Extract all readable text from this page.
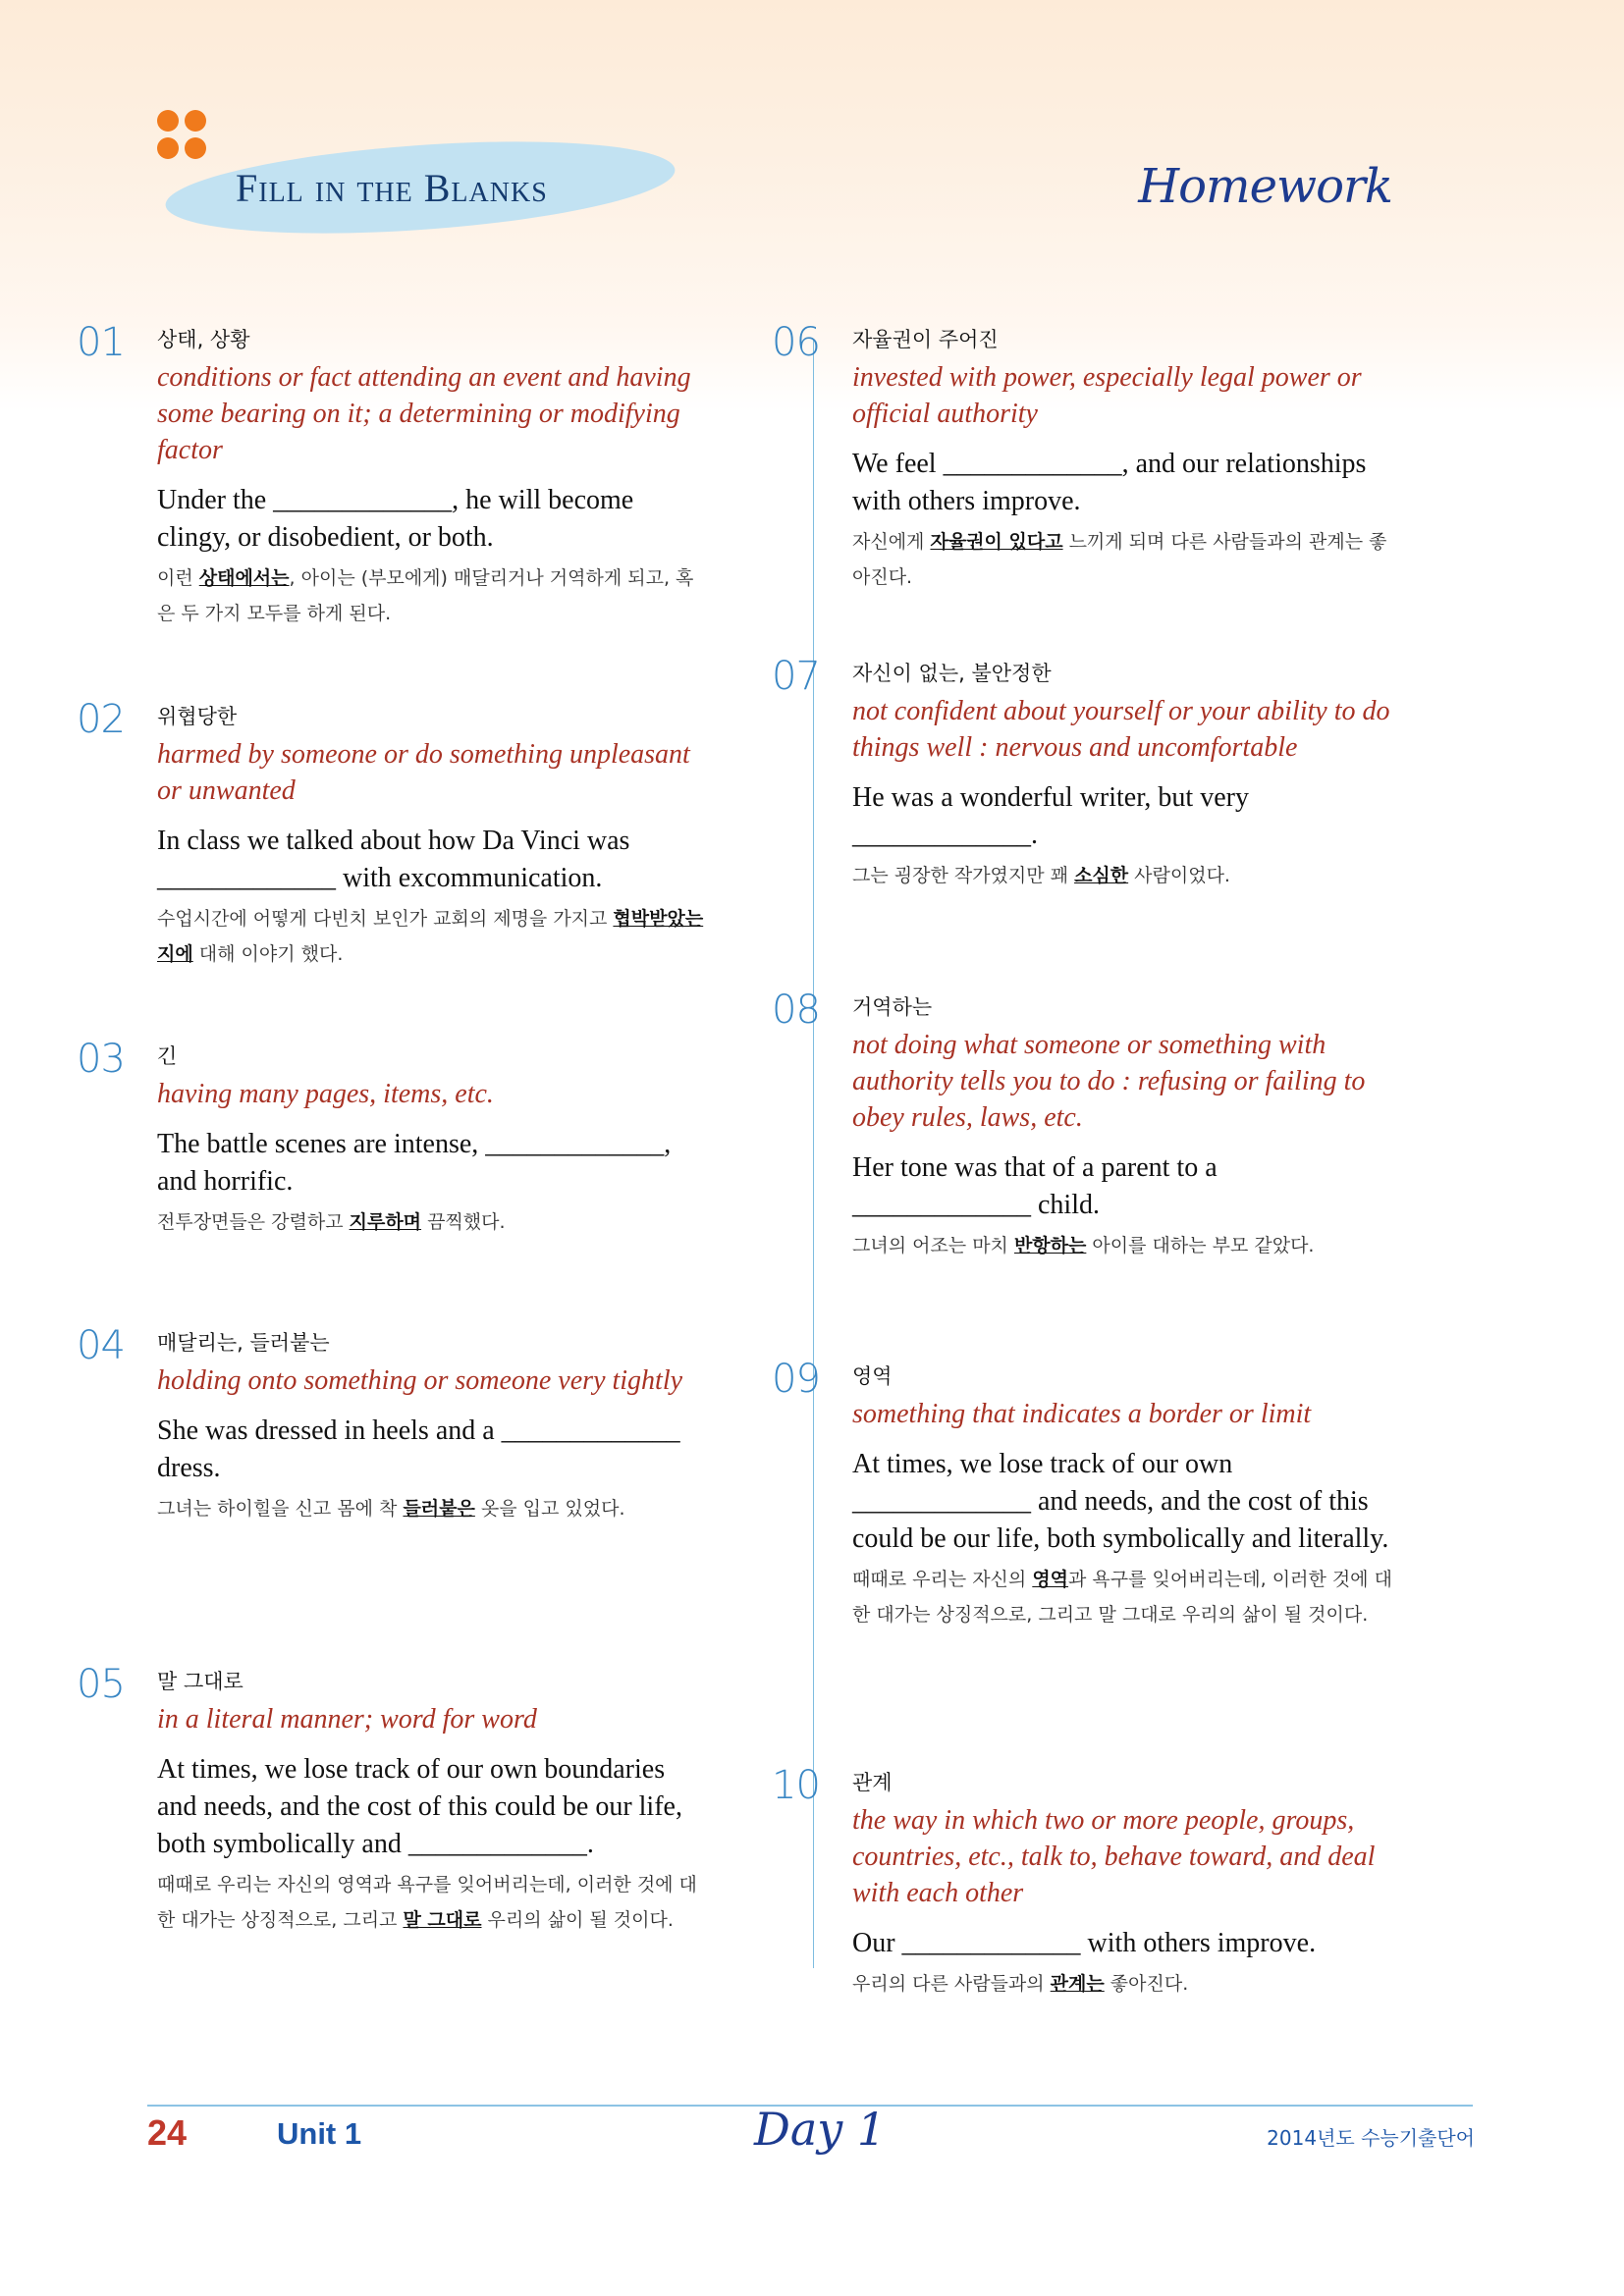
Fill in the Blanks	Homework
01 상태, 상황

conditions or fact attending an event and having some bearing on it; a determining or modifying factor

Under the _____________, he will become clingy, or disobedient, or both.

이런 상태에서는, 아이는 (부모에게) 매달리거나 거역하게 되고, 혹은 두 가지 모두를 하게 된다.

02 위협당한

harmed by someone or do something unpleasant or unwanted

In class we talked about how Da Vinci was _____________ with excommunication.

수업시간에 어떻게 다빈치 보인가 교회의 제명을 가지고 협박받았는지에 대해 이야기 했다.

03 긴

having many pages, items, etc.

The battle scenes are intense, _____________, and horrific.

전투장면들은 강렬하고 지루하며 끔찍했다.

04 매달리는, 들러붙는

holding onto something or someone very tightly

She was dressed in heels and a _____________ dress.

그녀는 하이힐을 신고 몸에 착 들러붙은 옷을 입고 있었다.

05 말 그대로

in a literal manner; word for word

At times, we lose track of our own boundaries and needs, and the cost of this could be our life, both symbolically and _____________.

때때로 우리는 자신의 영역과 욕구를 잊어버리는데, 이러한 것에 대한 대가는 상징적으로, 그리고 말 그대로 우리의 삶이 될 것이다.

06 자율권이 주어진

invested with power, especially legal power or official authority

We feel _____________, and our relationships with others improve.

자신에게 자율권이 있다고 느끼게 되며 다른 사람들과의 관계는 좋아진다.

07 자신이 없는, 불안정한

not confident about yourself or your ability to do things well : nervous and uncomfortable

He was a wonderful writer, but very _____________.

그는 굉장한 작가였지만 꽤 소심한 사람이었다.

08 거역하는

not doing what someone or something with authority tells you to do : refusing or failing to obey rules, laws, etc.

Her tone was that of a parent to a _____________ child.

그녀의 어조는 마치 반항하는 아이를 대하는 부모 같았다.

09 영역

something that indicates a border or limit

At times, we lose track of our own _____________ and needs, and the cost of this could be our life, both symbolically and literally.

때때로 우리는 자신의 영역과 욕구를 잊어버리는데, 이러한 것에 대한 대가는 상징적으로, 그리고 말 그대로 우리의 삶이 될 것이다.

10 관계

the way in which two or more people, groups, countries, etc., talk to, behave toward, and deal with each other

Our _____________ with others improve.

우리의 다른 사람들과의 관계는 좋아진다.

24	Unit 1	Day 1	2014년도 수능기출단어
